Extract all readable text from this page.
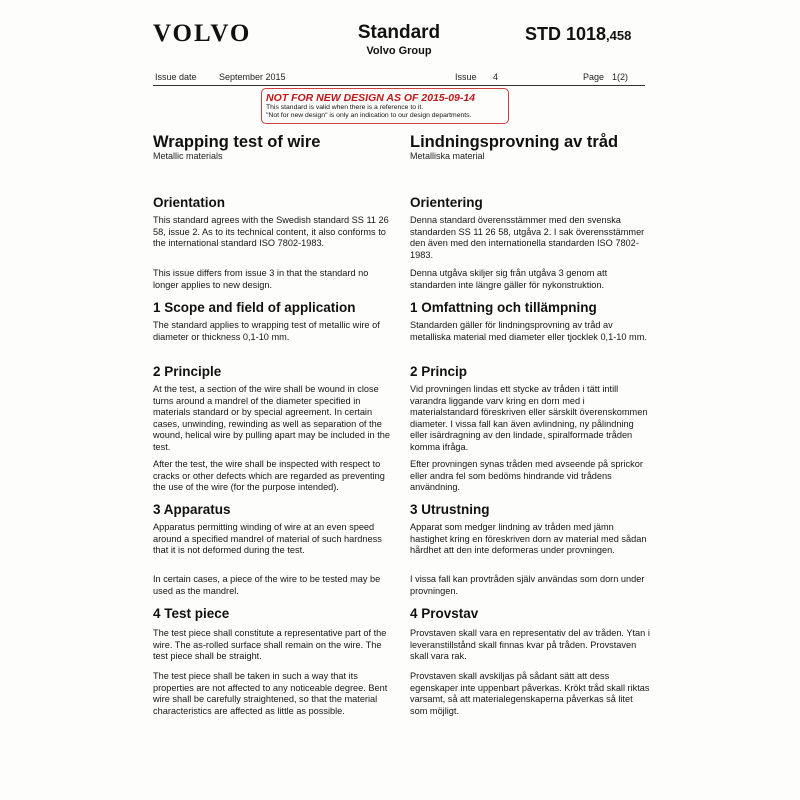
VOLVO	Standard
Volvo Group
STD 1018,458
Issue date September 2015	Issue 4	Page 1(2)
NOT FOR NEW DESIGN AS OF 2015-09-14
This standard is valid when there is a reference to it.
"Not for new design" is only an indication to our design departments.
Wrapping test of wire
Metallic materials
Orientation
This standard agrees with the Swedish standard SS 11 26 58, issue 2. As to its technical content, it also conforms to the international standard ISO 7802-1983.
This issue differs from issue 3 in that the standard no longer applies to new design.
1 Scope and field of application
The standard applies to wrapping test of metallic wire of diameter or thickness 0,1-10 mm.
2 Principle
At the test, a section of the wire shall be wound in close turns around a mandrel of the diameter specified in materials standard or by special agreement. In certain cases, unwinding, rewinding as well as separation of the wound, helical wire by pulling apart may be included in the test.
After the test, the wire shall be inspected with respect to cracks or other defects which are regarded as preventing the use of the wire (for the purpose intended).
3 Apparatus
Apparatus permitting winding of wire at an even speed around a specified mandrel of material of such hardness that it is not deformed during the test.
In certain cases, a piece of the wire to be tested may be used as the mandrel.
4 Test piece
The test piece shall constitute a representative part of the wire. The as-rolled surface shall remain on the wire. The test piece shall be straight.
The test piece shall be taken in such a way that its properties are not affected to any noticeable degree. Bent wire shall be carefully straightened, so that the material characteristics are affected as little as possible.
Lindningsprovning av tråd
Metalliska material
Orientering
Denna standard överensstämmer med den svenska standarden SS 11 26 58, utgåva 2. I sak överensstämmer den även med den internationella standarden ISO 7802-1983.
Denna utgåva skiljer sig från utgåva 3 genom att standarden inte längre gäller för nykonstruktion.
1 Omfattning och tillämpning
Standarden gäller för lindningsprovning av tråd av metalliska material med diameter eller tjocklek 0,1-10 mm.
2 Princip
Vid provningen lindas ett stycke av tråden i tätt intill varandra liggande varv kring en dorn med i materialstandard föreskriven eller särskilt överenskommen diameter. I vissa fall kan även avlindning, ny pålindning eller isärdragning av den lindade, spiralformade tråden komma ifråga.
Efter provningen synas tråden med avseende på sprickor eller andra fel som bedöms hindrande vid trådens användning.
3 Utrustning
Apparat som medger lindning av tråden med jämn hastighet kring en föreskriven dorn av material med sådan hårdhet att den inte deformeras under provningen.
I vissa fall kan provtråden själv användas som dorn under provningen.
4 Provstav
Provstaven skall vara en representativ del av tråden. Ytan i leveranstillstånd skall finnas kvar på tråden. Provstaven skall vara rak.
Provstaven skall avskiljas på sådant sätt att dess egenskaper inte uppenbart påverkas. Krökt tråd skall riktas varsamt, så att materialegenskaperna påverkas så litet som möjligt.
